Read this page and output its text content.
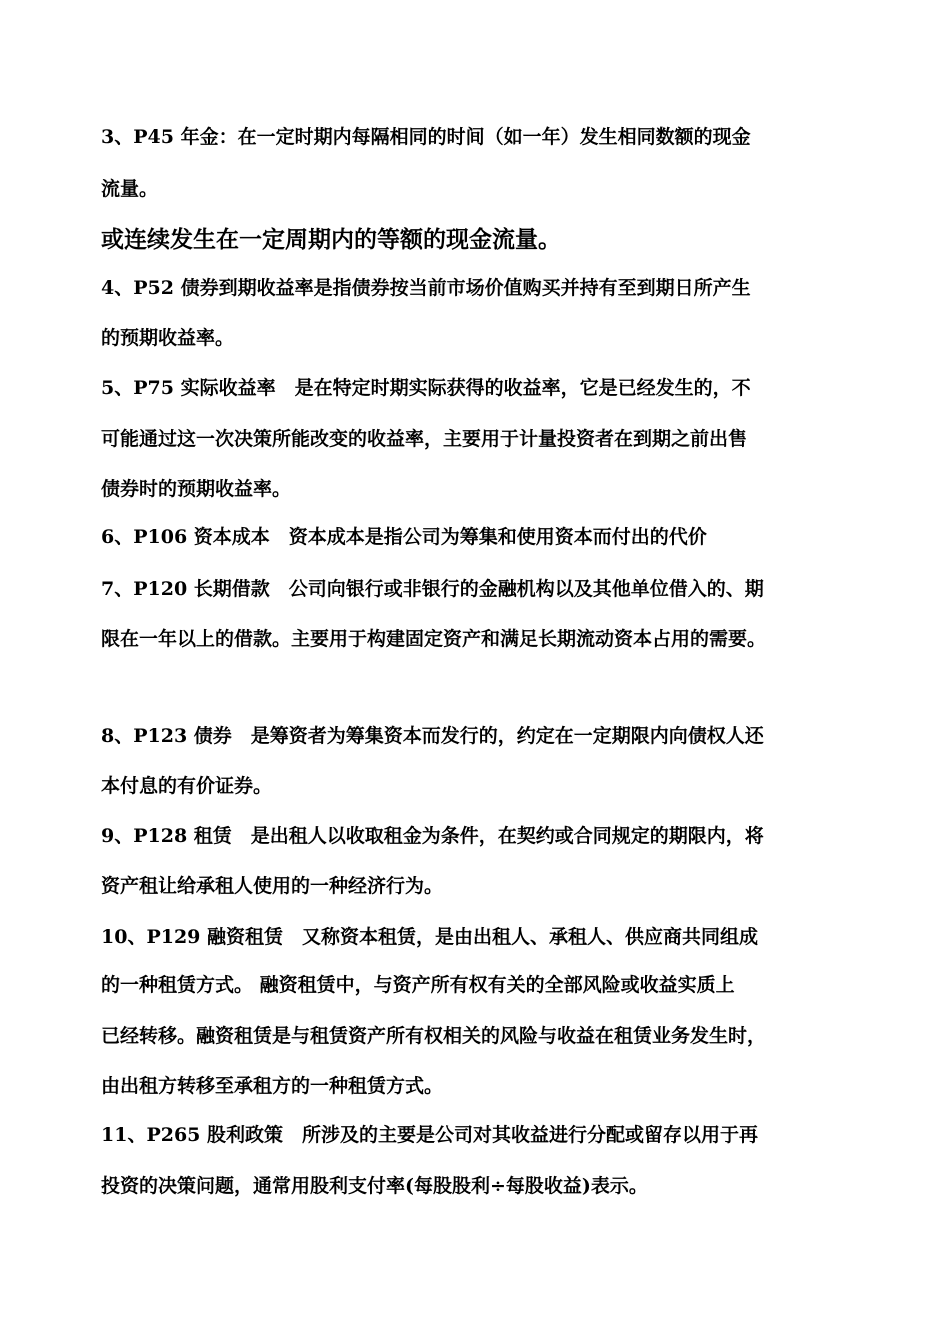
3、P45 年金：在一定时期内每隔相同的时间（如一年）发生相同数额的现金
流量。
或连续发生在一定周期内的等额的现金流量。
4、P52 债券到期收益率是指债券按当前市场价值购买并持有至到期日所产生
的预期收益率。
5、P75 实际收益率　是在特定时期实际获得的收益率，它是已经发生的，不
可能通过这一次决策所能改变的收益率，主要用于计量投资者在到期之前出售
债券时的预期收益率。
6、P106 资本成本　资本成本是指公司为筹集和使用资本而付出的代价
7、P120 长期借款　公司向银行或非银行的金融机构以及其他单位借入的、期
限在一年以上的借款。主要用于构建固定资产和满足长期流动资本占用的需要。
8、P123 债券　是筹资者为筹集资本而发行的，约定在一定期限内向债权人还
本付息的有价证券。
9、P128 租赁　是出租人以收取租金为条件，在契约或合同规定的期限内，将
资产租让给承租人使用的一种经济行为。
10、P129 融资租赁　又称资本租赁，是由出租人、承租人、供应商共同组成
的一种租赁方式。 融资租赁中，与资产所有权有关的全部风险或收益实质上
已经转移。融资租赁是与租赁资产所有权相关的风险与收益在租赁业务发生时，
由出租方转移至承租方的一种租赁方式。
11、P265 股利政策　所涉及的主要是公司对其收益进行分配或留存以用于再
投资的决策问题，通常用股利支付率(每股股利÷每股收益)表示。
